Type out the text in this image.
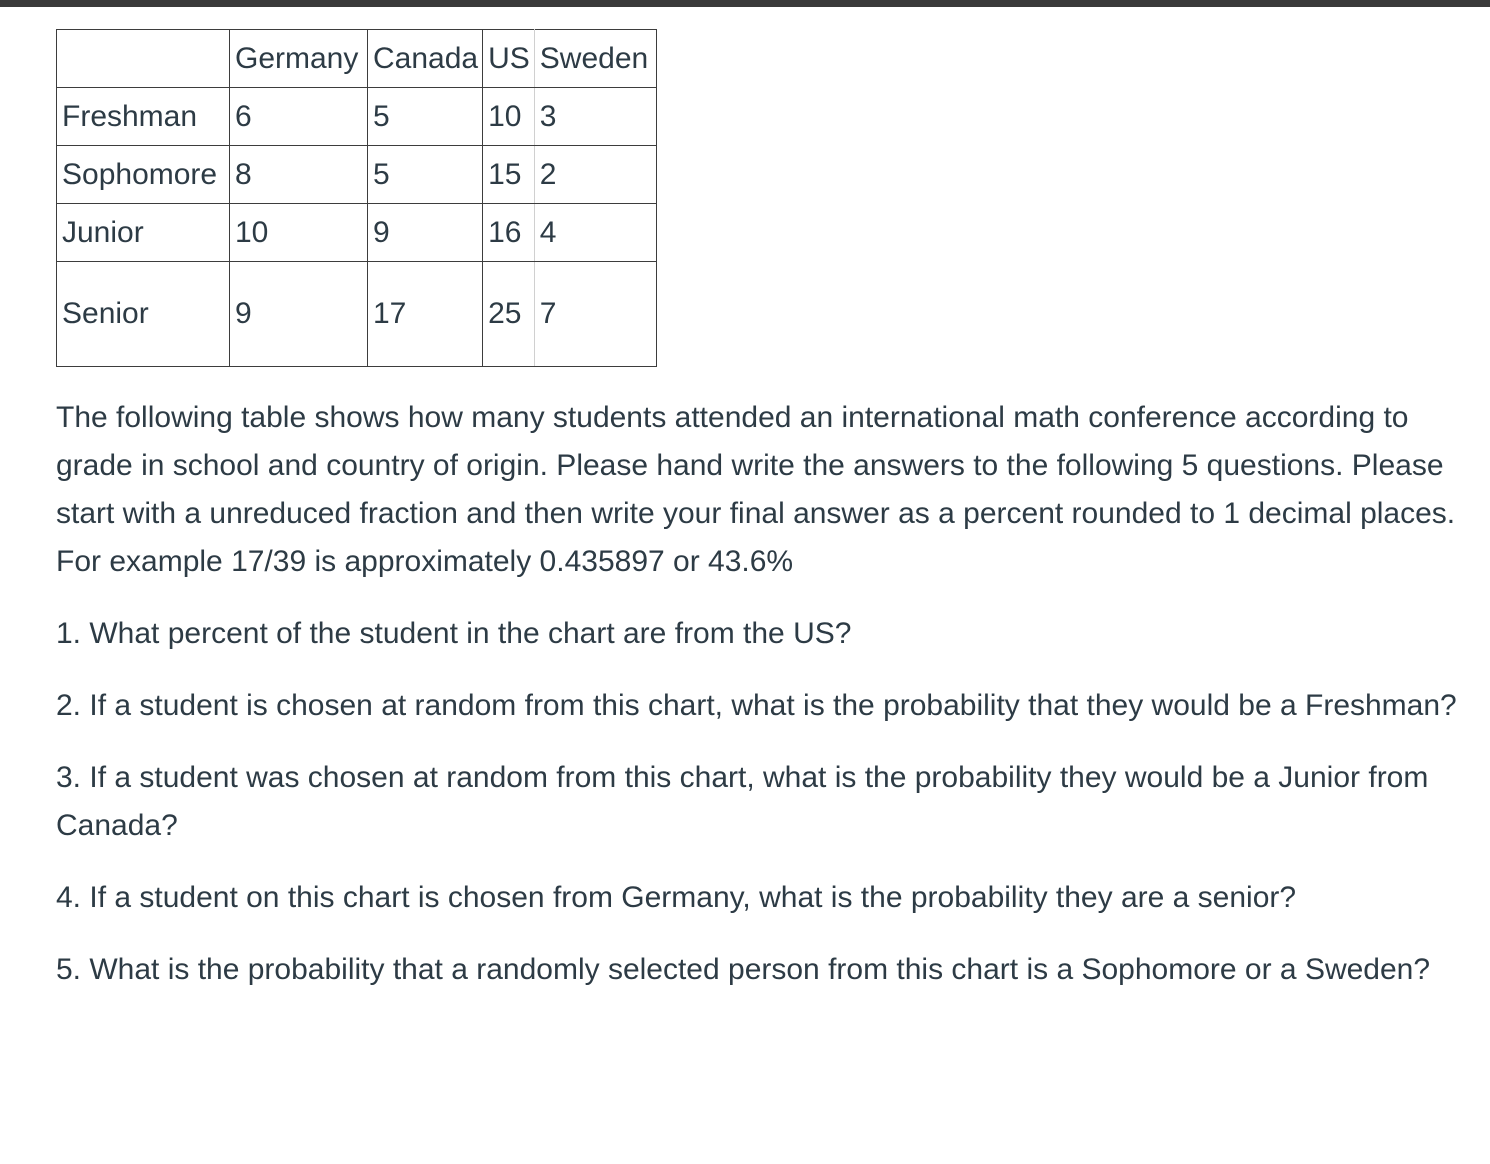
	Germany	Canada	US	Sweden
Freshman	6	5	10	3
Sophomore	8	5	15	2
Junior	10	9	16	4
Senior	9	17	25	7

The following table shows how many students attended an international math conference according to grade in school and country of origin. Please hand write the answers to the following 5 questions. Please start with a unreduced fraction and then write your final answer as a percent rounded to 1 decimal places. For example 17/39 is approximately 0.435897 or 43.6%

1. What percent of the student in the chart are from the US?

2. If a student is chosen at random from this chart, what is the probability that they would be a Freshman?

3. If a student was chosen at random from this chart, what is the probability they would be a Junior from Canada?

4. If a student on this chart is chosen from Germany, what is the probability they are a senior?

5. What is the probability that a randomly selected person from this chart is a Sophomore or a Sweden?
